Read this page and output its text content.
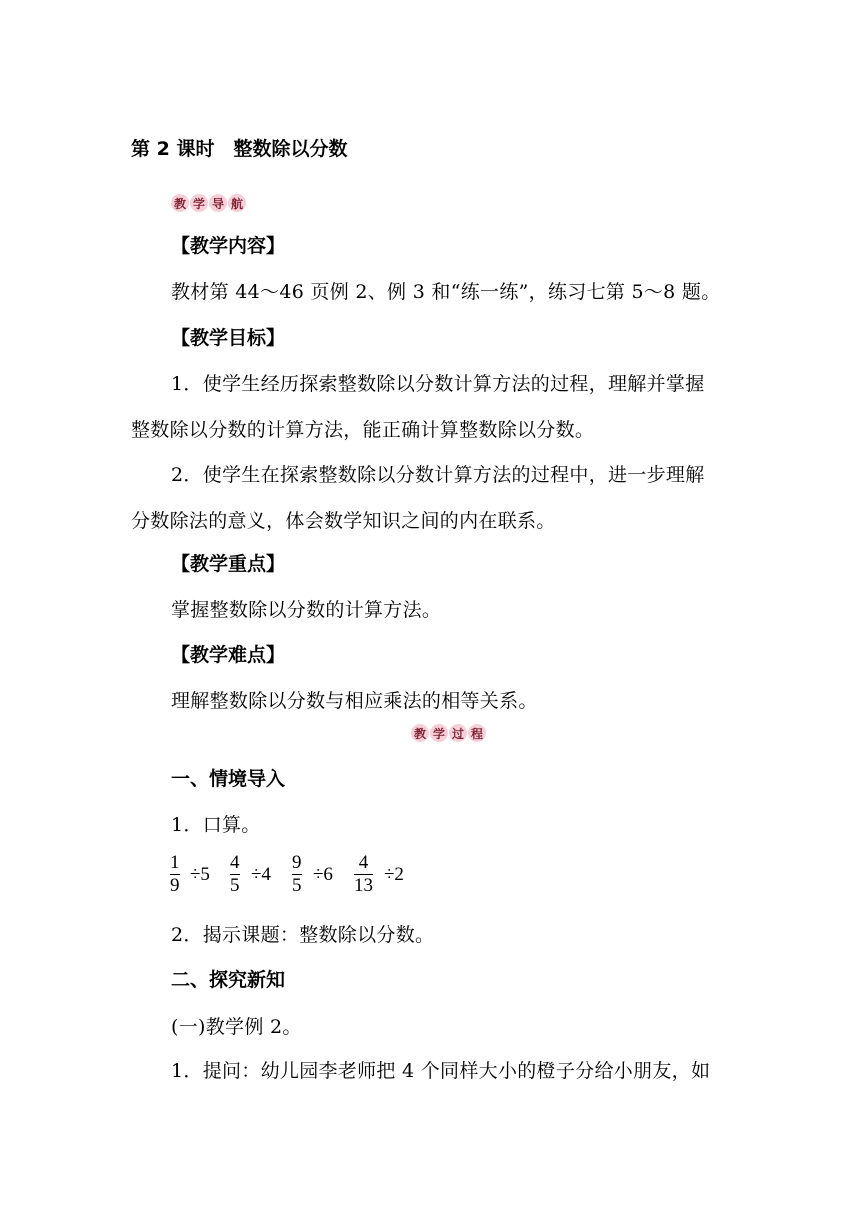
第 2 课时　整数除以分数
教 学 导 航
【教学内容】
教材第 44～46 页例 2、例 3 和“练一练”，练习七第 5～8 题。
【教学目标】
1．使学生经历探索整数除以分数计算方法的过程，理解并掌握
整数除以分数的计算方法，能正确计算整数除以分数。
2．使学生在探索整数除以分数计算方法的过程中，进一步理解
分数除法的意义，体会数学知识之间的内在联系。
【教学重点】
掌握整数除以分数的计算方法。
【教学难点】
理解整数除以分数与相应乘法的相等关系。
教 学 过 程
一、情境导入
1．口算。
1
9
÷5
4
5
÷4
9
5
÷6
4
13
÷2
2．揭示课题：整数除以分数。
二、探究新知
(一)教学例 2。
1．提问：幼儿园李老师把 4 个同样大小的橙子分给小朋友，如
